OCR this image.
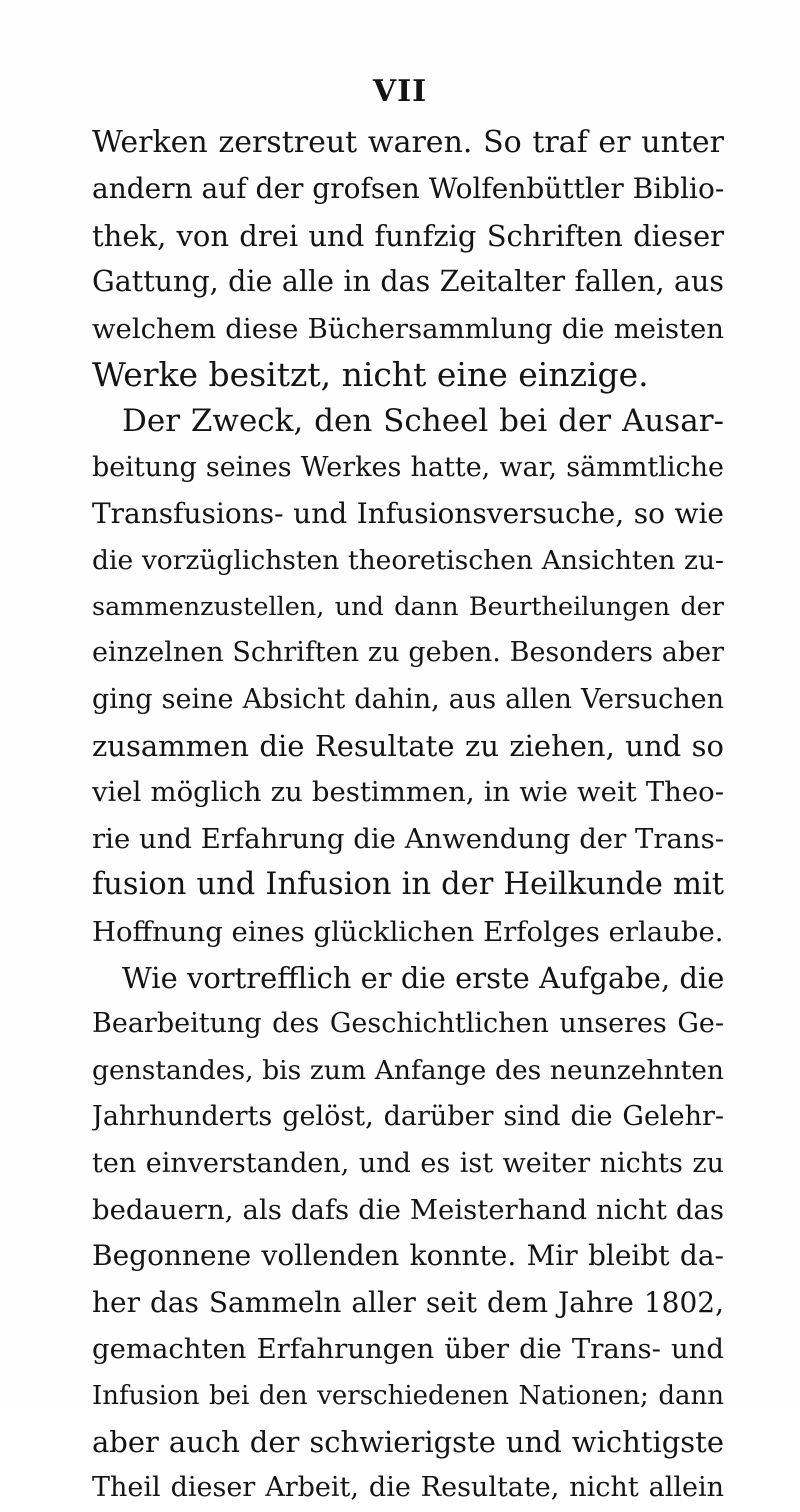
VII
Werken zerstreut waren. So traf er unter
andern auf der grofsen Wolfenbüttler Biblio-
thek, von drei und funfzig Schriften dieser
Gattung, die alle in das Zeitalter fallen, aus
welchem diese Büchersammlung die meisten
Werke besitzt, nicht eine einzige.
Der Zweck, den Scheel bei der Ausar-
beitung seines Werkes hatte, war, sämmtliche
Transfusions- und Infusionsversuche, so wie
die vorzüglichsten theoretischen Ansichten zu-
sammenzustellen, und dann Beurtheilungen der
einzelnen Schriften zu geben. Besonders aber
ging seine Absicht dahin, aus allen Versuchen
zusammen die Resultate zu ziehen, und so
viel möglich zu bestimmen, in wie weit Theo-
rie und Erfahrung die Anwendung der Trans-
fusion und Infusion in der Heilkunde mit
Hoffnung eines glücklichen Erfolges erlaube.
Wie vortrefflich er die erste Aufgabe, die
Bearbeitung des Geschichtlichen unseres Ge-
genstandes, bis zum Anfange des neunzehnten
Jahrhunderts gelöst, darüber sind die Gelehr-
ten einverstanden, und es ist weiter nichts zu
bedauern, als dafs die Meisterhand nicht das
Begonnene vollenden konnte. Mir bleibt da-
her das Sammeln aller seit dem Jahre 1802,
gemachten Erfahrungen über die Trans- und
Infusion bei den verschiedenen Nationen; dann
aber auch der schwierigste und wichtigste
Theil dieser Arbeit, die Resultate, nicht allein
